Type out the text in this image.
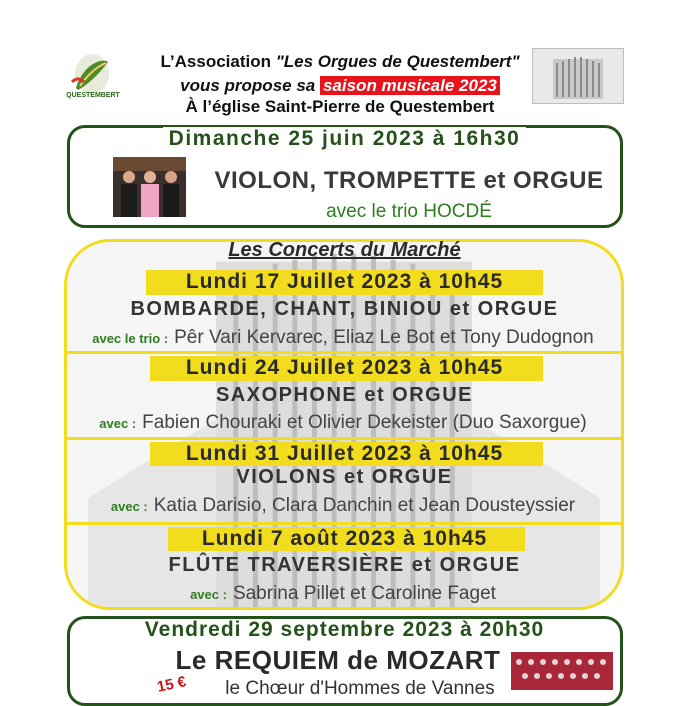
QUESTEMBERT
L’Association "Les Orgues de Questembert"
vous propose sa saison musicale 2023
À l’église Saint-Pierre de Questembert
Dimanche 25 juin 2023 à 16h30
VIOLON, TROMPETTE et ORGUE
avec le trio HOCDÉ
Les Concerts du Marché
Lundi 17 Juillet 2023 à 10h45
BOMBARDE, CHANT, BINIOU et ORGUE
avec le trio : Pêr Vari Kervarec, Eliaz Le Bot et Tony Dudognon
Lundi 24 Juillet 2023 à 10h45
SAXOPHONE et ORGUE
avec : Fabien Chouraki et Olivier Dekeister (Duo Saxorgue)
Lundi 31 Juillet 2023 à 10h45
VIOLONS et ORGUE
avec : Katia Darisio, Clara Danchin et Jean Dousteyssier
Lundi 7 août 2023 à 10h45
FLÛTE TRAVERSIÈRE et ORGUE
avec : Sabrina Pillet et Caroline Faget
Vendredi 29 septembre 2023 à 20h30
Le REQUIEM de MOZART
15 €	le Chœur d'Hommes de Vannes
